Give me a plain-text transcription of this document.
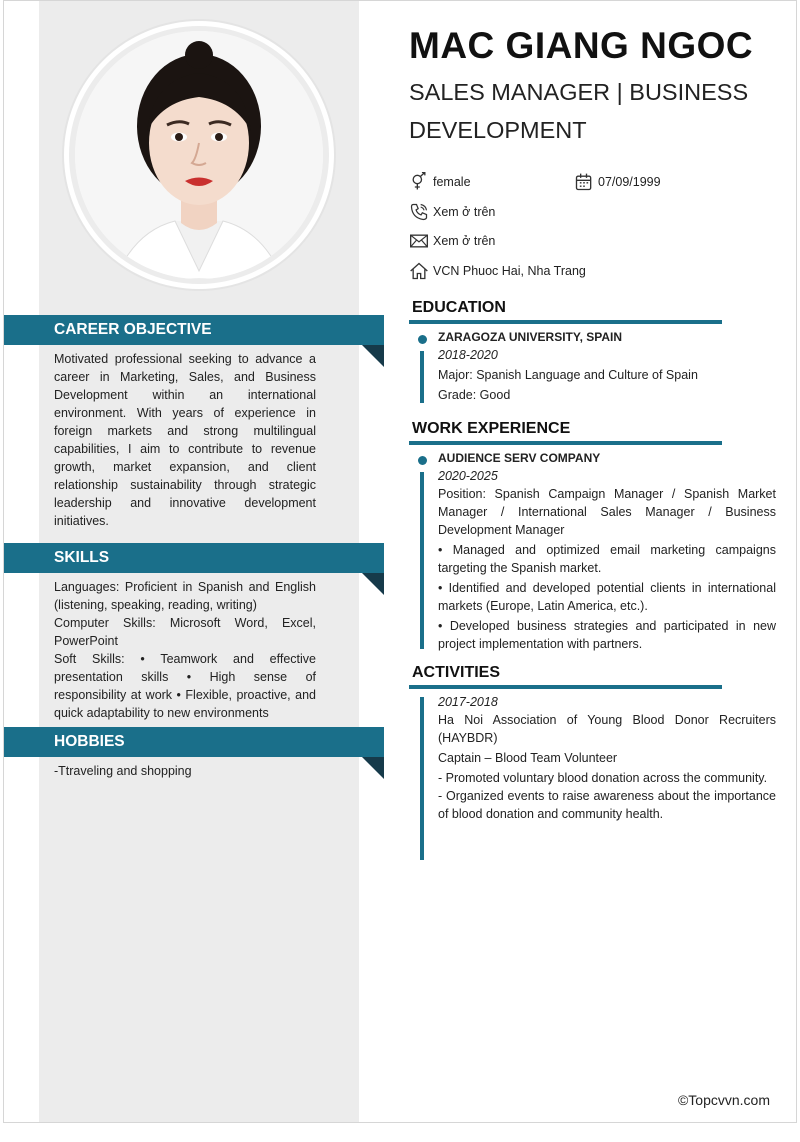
CAREER OBJECTIVE
Motivated professional seeking to advance a career in Marketing, Sales, and Business Development within an international environment. With years of experience in foreign markets and strong multilingual capabilities, I aim to contribute to revenue growth, market expansion, and client relationship sustainability through strategic leadership and innovative development initiatives.
SKILLS
Languages: Proficient in Spanish and English (listening, speaking, reading, writing)
Computer Skills: Microsoft Word, Excel, PowerPoint
Soft Skills: • Teamwork and effective presentation skills • High sense of responsibility at work • Flexible, proactive, and quick adaptability to new environments
HOBBIES
-Ttraveling and shopping
MAC GIANG NGOC
SALES MANAGER | BUSINESS DEVELOPMENT
female	07/09/1999
Xem ở trên
Xem ở trên
VCN Phuoc Hai, Nha Trang
EDUCATION
ZARAGOZA UNIVERSITY, SPAIN
2018-2020
Major: Spanish Language and Culture of Spain
Grade: Good
WORK EXPERIENCE
AUDIENCE SERV COMPANY
2020-2025
Position: Spanish Campaign Manager / Spanish Market Manager / International Sales Manager / Business Development Manager
• Managed and optimized email marketing campaigns targeting the Spanish market.
• Identified and developed potential clients in international markets (Europe, Latin America, etc.).
• Developed business strategies and participated in new project implementation with partners.
ACTIVITIES
2017-2018
Ha Noi Association of Young Blood Donor Recruiters (HAYBDR)
Captain – Blood Team Volunteer
- Promoted voluntary blood donation across the community.
- Organized events to raise awareness about the importance of blood donation and community health.
©Topcvvn.com
